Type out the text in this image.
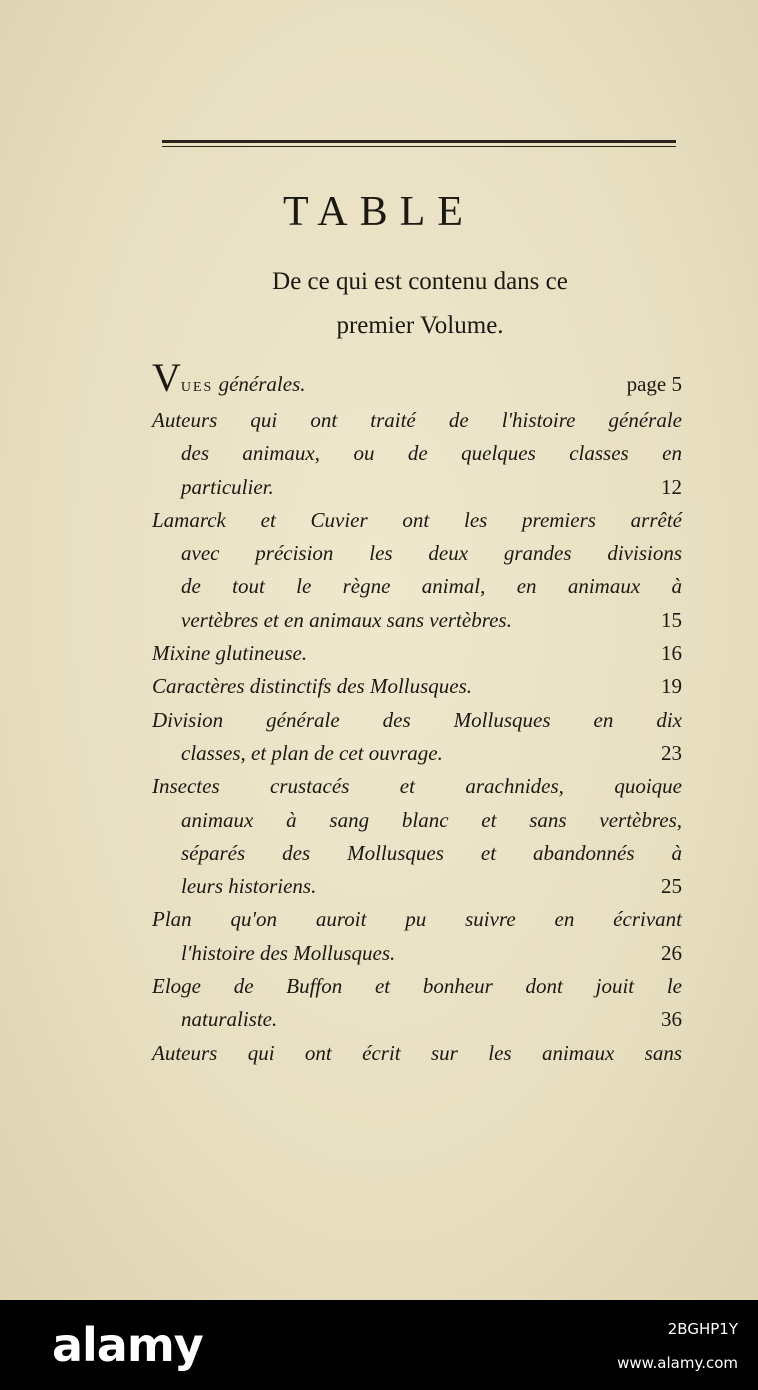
TABLE
De ce qui est contenu dans ce
premier Volume.
VUES générales.	page 5
Auteurs qui ont traité de l'histoire générale
des animaux, ou de quelques classes en
particulier.	12
Lamarck et Cuvier ont les premiers arrêté
avec précision les deux grandes divisions
de tout le règne animal, en animaux à
vertèbres et en animaux sans vertèbres.	15
Mixine glutineuse.	16
Caractères distinctifs des Mollusques.	19
Division générale des Mollusques en dix
classes, et plan de cet ouvrage.	23
Insectes crustacés et arachnides, quoique
animaux à sang blanc et sans vertèbres,
séparés des Mollusques et abandonnés à
leurs historiens.	25
Plan qu'on auroit pu suivre en écrivant
l'histoire des Mollusques.	26
Eloge de Buffon et bonheur dont jouit le
naturaliste.	36
Auteurs qui ont écrit sur les animaux sans
alamy	2BGHP1Y
www.alamy.com
